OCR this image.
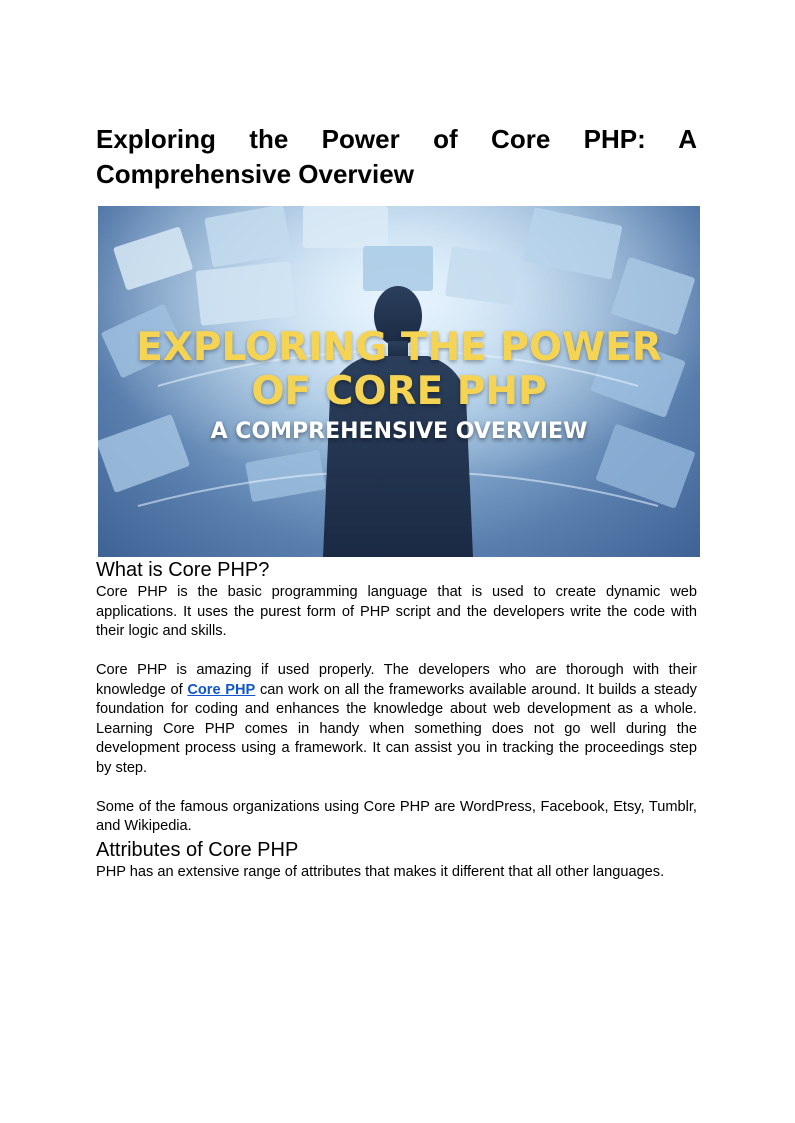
Exploring the Power of Core PHP: A Comprehensive Overview
EXPLORING THE POWER
OF CORE PHP
A COMPREHENSIVE OVERVIEW
What is Core PHP?

Core PHP is the basic programming language that is used to create dynamic web applications. It uses the purest form of PHP script and the developers write the code with their logic and skills.

Core PHP is amazing if used properly. The developers who are thorough with their knowledge of Core PHP can work on all the frameworks available around. It builds a steady foundation for coding and enhances the knowledge about web development as a whole. Learning Core PHP comes in handy when something does not go well during the development process using a framework. It can assist you in tracking the proceedings step by step.

Some of the famous organizations using Core PHP are WordPress, Facebook, Etsy, Tumblr, and Wikipedia.

Attributes of Core PHP

PHP has an extensive range of attributes that makes it different that all other languages.
